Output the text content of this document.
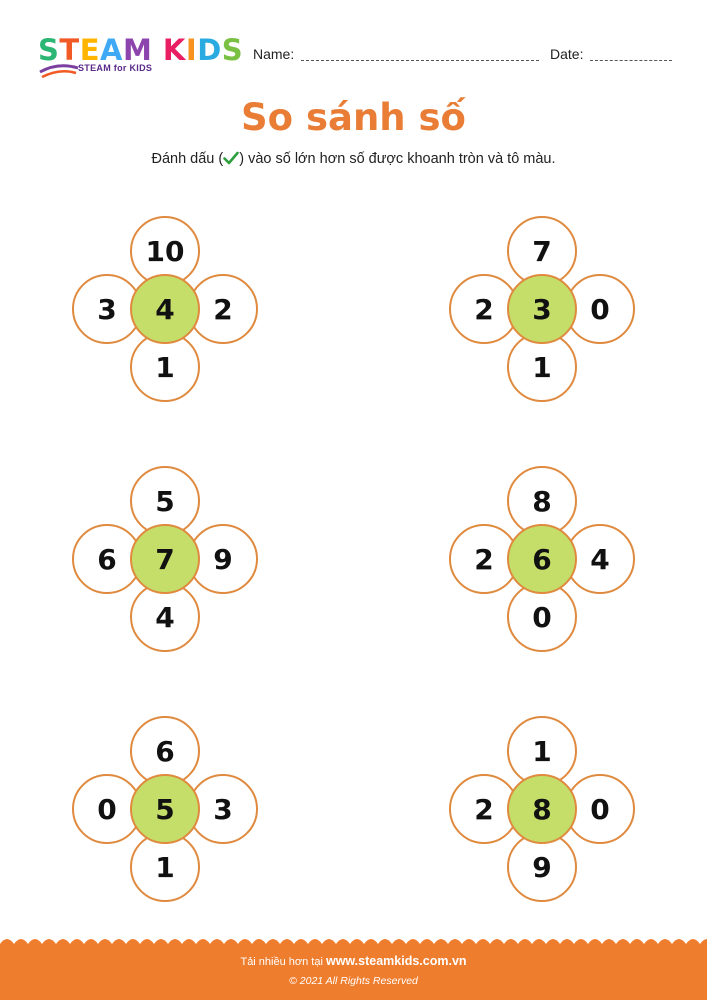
STEAM KIDS
STEAM for KIDS
Name:	Date:
So sánh số
Đánh dấu ( ) vào số lớn hơn số được khoanh tròn và tô màu.
10
3	2
1
4
7
2	0
1
3
5
6	9
4
7
8
2	4
0
6
6
0	3
1
5
1
2	0
9
8
Tải nhiều hơn tại www.steamkids.com.vn
© 2021 All Rights Reserved
